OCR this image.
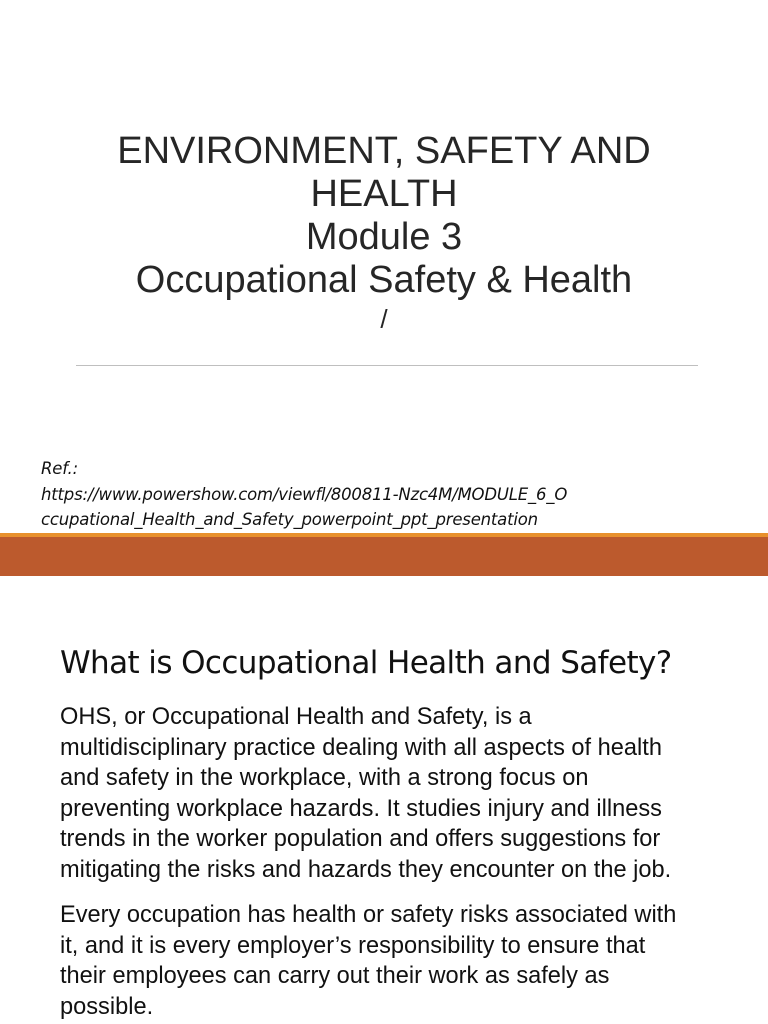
ENVIRONMENT, SAFETY AND
HEALTH
Module 3
Occupational Safety & Health
/
Ref.:
https://www.powershow.com/viewfl/800811-Nzc4M/MODULE_6_O
ccupational_Health_and_Safety_powerpoint_ppt_presentation
What is Occupational Health and Safety?
OHS, or Occupational Health and Safety, is a
multidisciplinary practice dealing with all aspects of health
and safety in the workplace, with a strong focus on
preventing workplace hazards. It studies injury and illness
trends in the worker population and offers suggestions for
mitigating the risks and hazards they encounter on the job.
Every occupation has health or safety risks associated with
it, and it is every employer’s responsibility to ensure that
their employees can carry out their work as safely as
possible.
